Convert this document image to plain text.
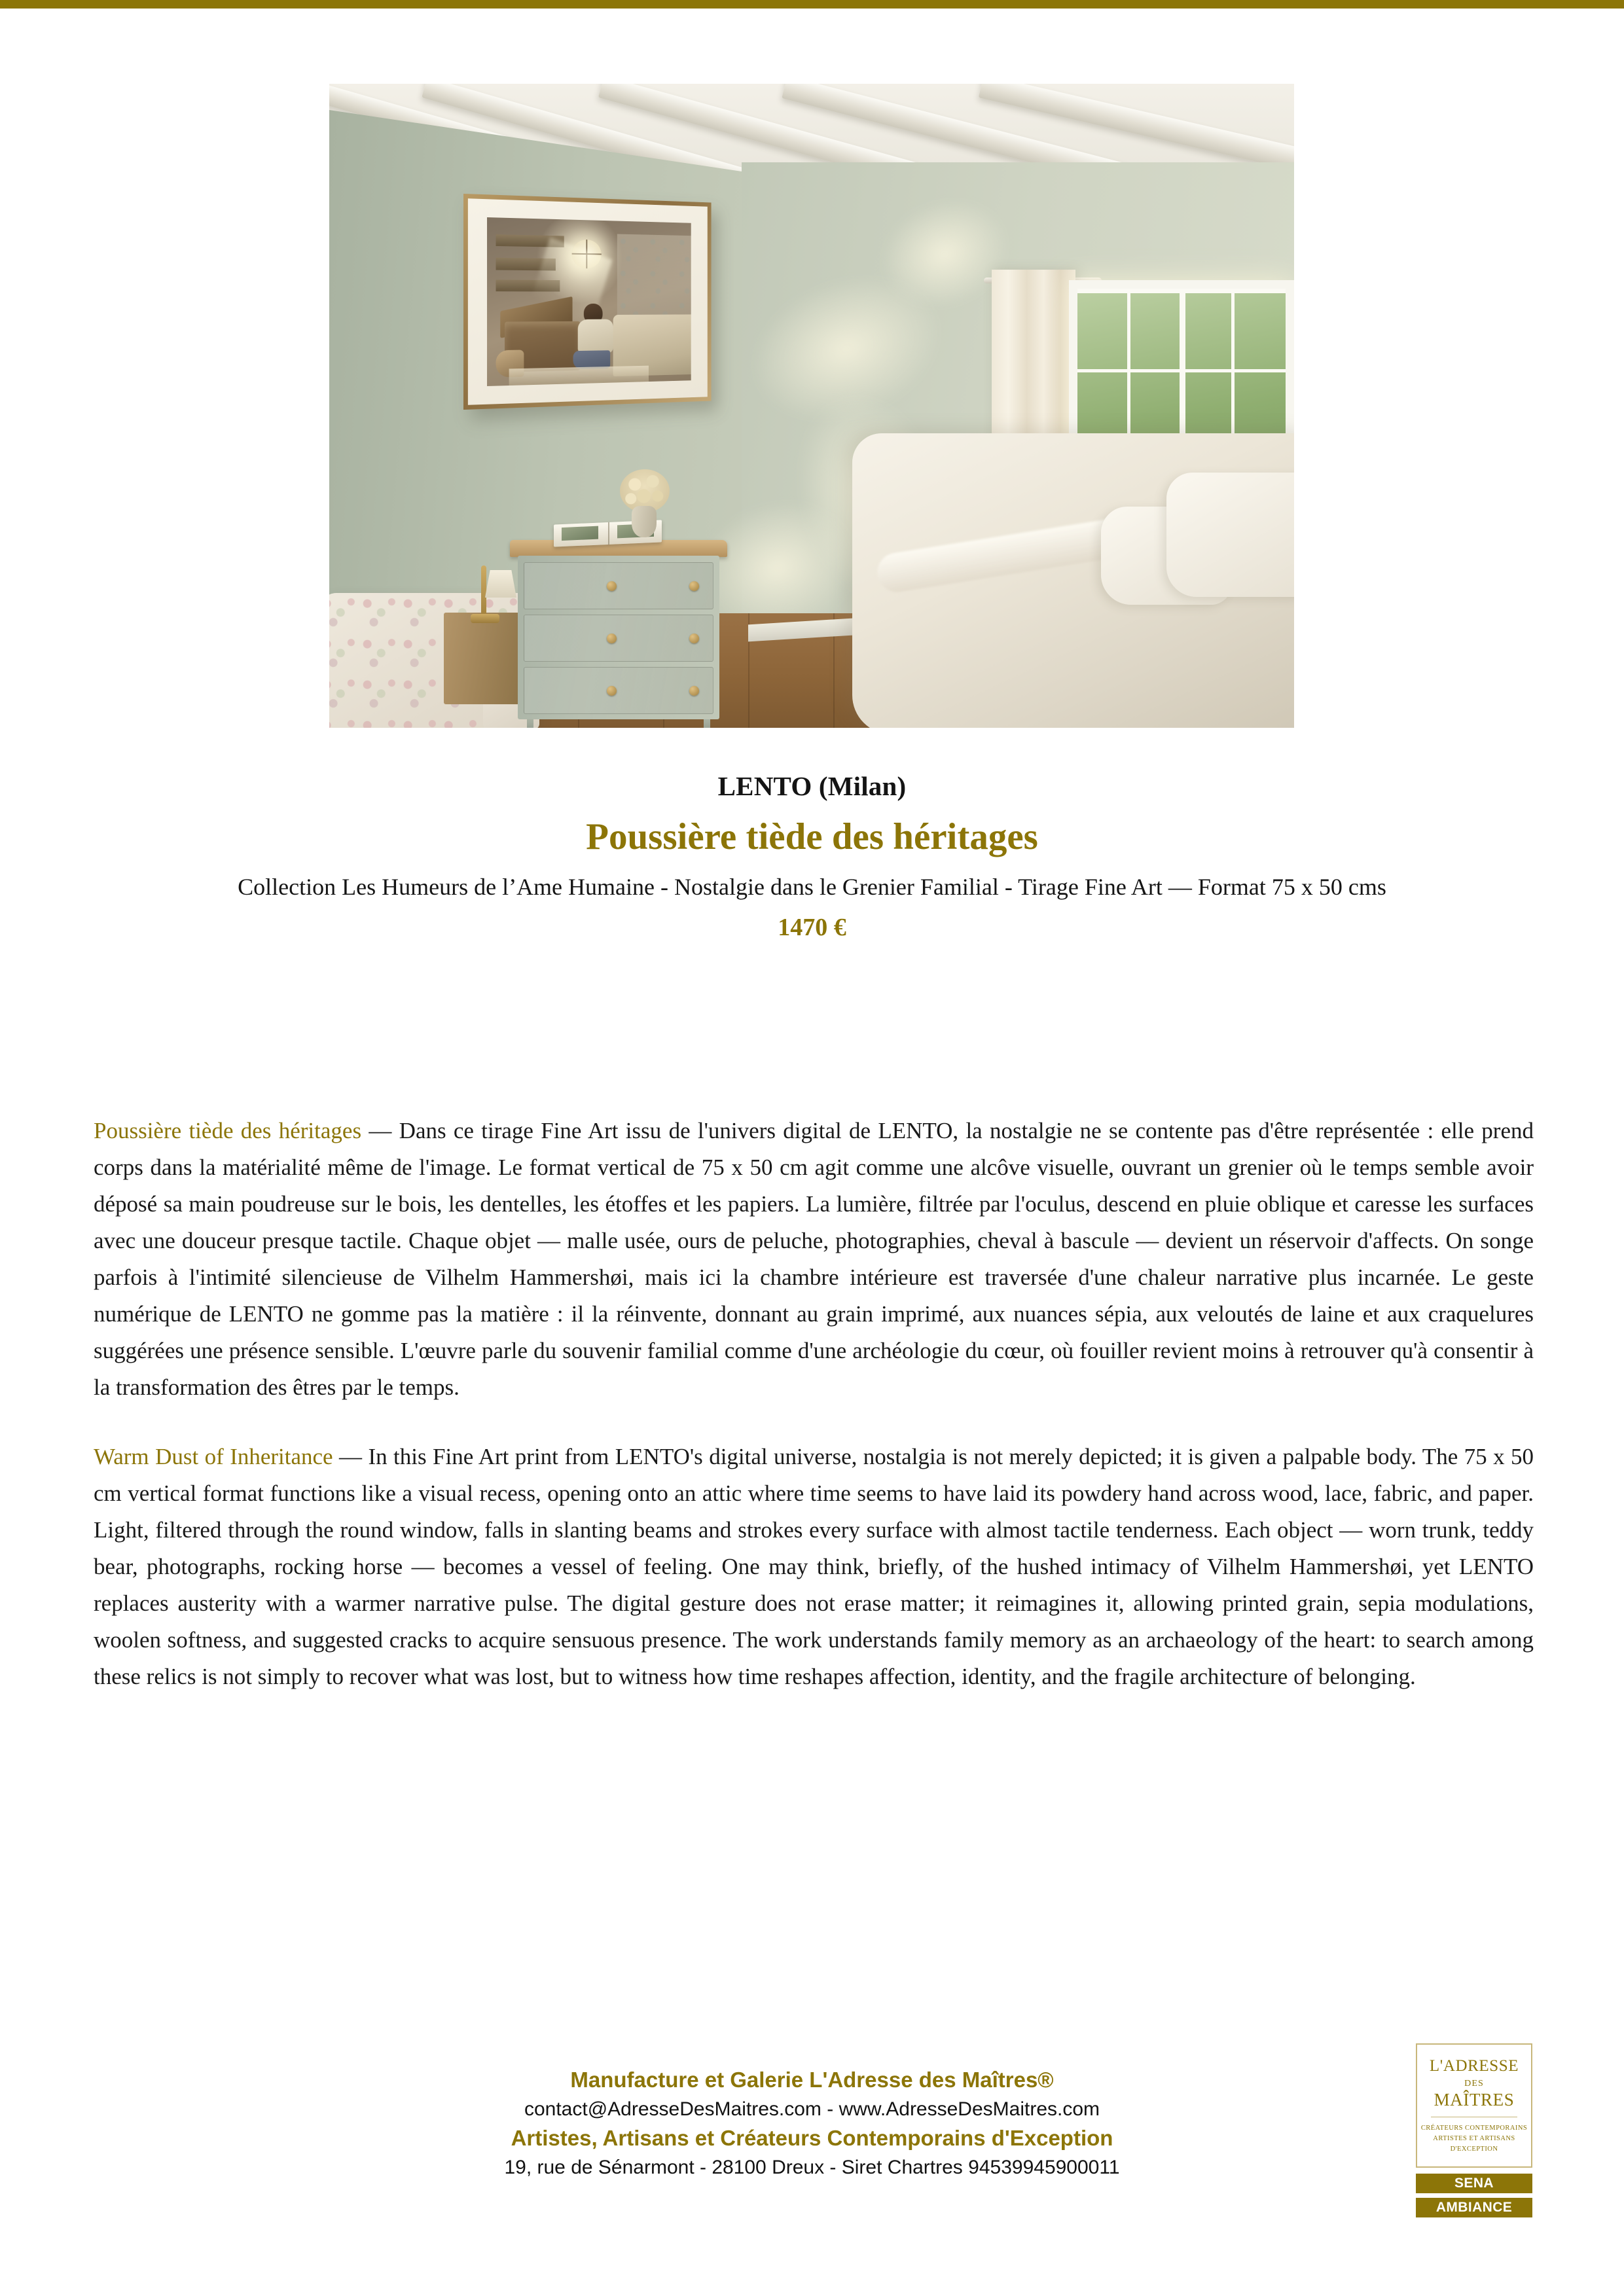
LENTO (Milan)
Poussière tiède des héritages
Collection Les Humeurs de l’Ame Humaine - Nostalgie dans le Grenier Familial - Tirage Fine Art — Format 75 x 50 cms
1470 €

Poussière tiède des héritages — Dans ce tirage Fine Art issu de l'univers digital de LENTO, la nostalgie ne se contente pas d'être représentée : elle prend corps dans la matérialité même de l'image. Le format vertical de 75 x 50 cm agit comme une alcôve visuelle, ouvrant un grenier où le temps semble avoir déposé sa main poudreuse sur le bois, les dentelles, les étoffes et les papiers. La lumière, filtrée par l'oculus, descend en pluie oblique et caresse les surfaces avec une douceur presque tactile. Chaque objet — malle usée, ours de peluche, photographies, cheval à bascule — devient un réservoir d'affects. On songe parfois à l'intimité silencieuse de Vilhelm Hammershøi, mais ici la chambre intérieure est traversée d'une chaleur narrative plus incarnée. Le geste numérique de LENTO ne gomme pas la matière : il la réinvente, donnant au grain imprimé, aux nuances sépia, aux veloutés de laine et aux craquelures suggérées une présence sensible. L'œuvre parle du souvenir familial comme d'une archéologie du cœur, où fouiller revient moins à retrouver qu'à consentir à la transformation des êtres par le temps.

Warm Dust of Inheritance — In this Fine Art print from LENTO's digital universe, nostalgia is not merely depicted; it is given a palpable body. The 75 x 50 cm vertical format functions like a visual recess, opening onto an attic where time seems to have laid its powdery hand across wood, lace, fabric, and paper. Light, filtered through the round window, falls in slanting beams and strokes every surface with almost tactile tenderness. Each object — worn trunk, teddy bear, photographs, rocking horse — becomes a vessel of feeling. One may think, briefly, of the hushed intimacy of Vilhelm Hammershøi, yet LENTO replaces austerity with a warmer narrative pulse. The digital gesture does not erase matter; it reimagines it, allowing printed grain, sepia modulations, woolen softness, and suggested cracks to acquire sensuous presence. The work understands family memory as an archaeology of the heart: to search among these relics is not simply to recover what was lost, but to witness how time reshapes affection, identity, and the fragile architecture of belonging.

Manufacture et Galerie L'Adresse des Maîtres®
contact@AdresseDesMaitres.com - www.AdresseDesMaitres.com
Artistes, Artisans et Créateurs Contemporains d'Exception
19, rue de Sénarmont - 28100 Dreux - Siret Chartres 94539945900011
L'ADRESSE
DES
MAÎTRES
CRÉATEURS CONTEMPORAINS
ARTISTES ET ARTISANS
D'EXCEPTION
SENA
AMBIANCE
